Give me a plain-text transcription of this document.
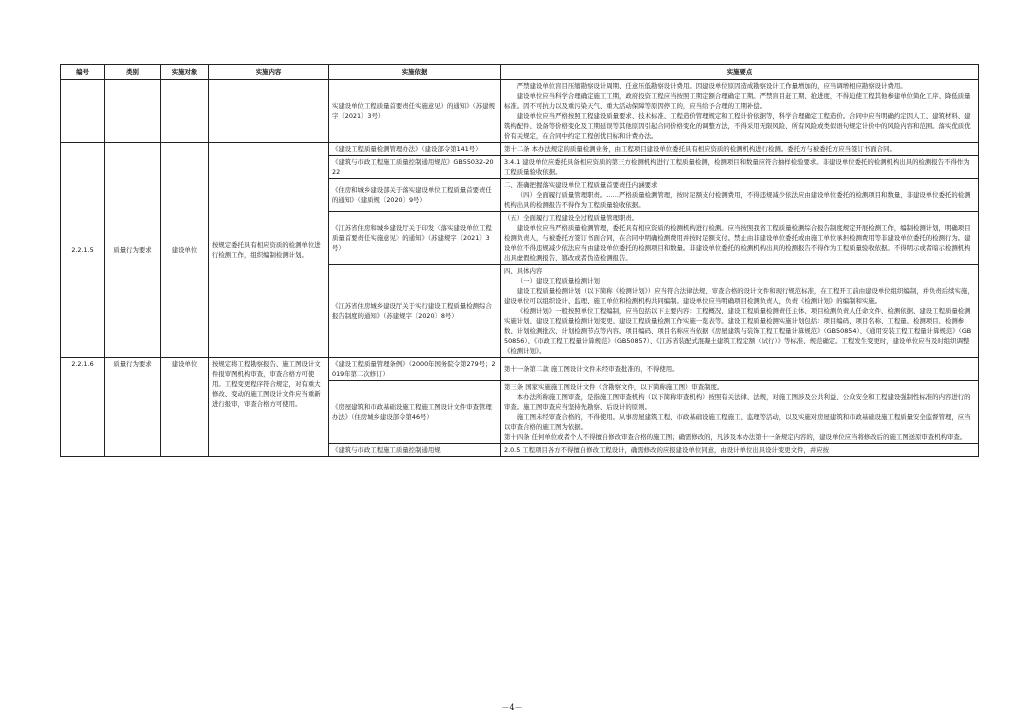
编号	类别	实施对象	实施内容	实施依据	实施要点
				实建设单位工程质量首要责任实施意见）的通知》（苏建规字〔2021〕3号）	严禁建设单位盲目压缩勘察设计周期、任意压低勘察设计费用。因建设单位原因造成勘察设计工作量增加的，应当调增相应勘察设计费用。

建设单位应当科学合理确定施工工期，政府投资工程应当按照工期定额合理确定工期。严禁盲目赶工期、抢进度，不得迫使工程其他参建单位简化工序、降低质量标准。因不可抗力以及重污染天气、重大活动保障等原因停工的，应当给予合理的工期补偿。

建设单位应当严格按照工程建设质量要求、技术标准、工程造价管理规定和工程计价依据等，科学合理确定工程造价。合同中应当明确约定因人工、建筑材料、建筑构配件、设备等价格变化及工期延误等其他原因引起合同价格变化的调整方法，不得采用无限风险、所有风险或类似语句规定计价中的风险内容和范围。落实优质优价有关规定，在合同中约定工程创优目标和计费办法。

2.2.1.5	质量行为要求	建设单位	按规定委托具有相应资质的检测单位进行检测工作，组织编制检测计划。	《建设工程质量检测管理办法》（建设部令第141号）	第十二条 本办法规定的质量检测业务，由工程项目建设单位委托具有相应资质的检测机构进行检测。委托方与被委托方应当签订书面合同。

				《建筑与市政工程施工质量控制通用规范》GB55032-2022	3.4.1 建设单位应委托具备相应资质的第三方检测机构进行工程质量检测，检测项目和数量应符合抽样检验要求。非建设单位委托的检测机构出具的检测报告不得作为工程质量验收依据。

				《住房和城乡建设部关于落实建设单位工程质量首要责任的通知》（建质规〔2020〕9号）	二、准确把握落实建设单位工程质量首要责任内涵要求

（四）全面履行质量管理职责。……严格质量检测管理，按时足额支付检测费用，不得违规减少依法应由建设单位委托的检测项目和数量，非建设单位委托的检测机构出具的检测报告不得作为工程质量验收依据。

				《江苏省住房和城乡建设厅关于印发〈落实建设单位工程质量首要责任实施意见〉的通知》（苏建规字〔2021〕3号）	（五）全面履行工程建设全过程质量管理职责。

建设单位应当严格质量检测管理，委托具有相应资质的检测机构进行检测。应当按照我省工程质量检测综合报告制度规定开展检测工作，编制检测计划，明确项目检测负责人，与被委托方签订书面合同，在合同中明确检测费用并按时足额支付。禁止由非建设单位委托或由施工单位承担检测费用等非建设单位委托的检测行为。建设单位不得违规减少依法应当由建设单位委托的检测项目和数量。非建设单位委托的检测机构出具的检测报告不得作为工程质量验收依据。不得明示或者暗示检测机构出具虚假检测报告，篡改或者伪造检测报告。

				《江苏省住房城乡建设厅关于实行建设工程质量检测综合报告制度的通知》（苏建规字〔2020〕8号）	四、具体内容

（一）建设工程质量检测计划

建设工程质量检测计划（以下简称《检测计划》）应当符合法律法规、审查合格的设计文件和现行规范标准，在工程开工前由建设单位组织编制，并负责后续实施，建设单位可以组织设计、监理、施工单位和检测机构共同编制。建设单位应当明确项目检测负责人，负责《检测计划》的编制和实施。

《检测计划》一般按照单位工程编制，应当包括以下主要内容：工程概况、建设工程质量检测责任主体、项目检测负责人任命文件、检测依据、建设工程质量检测实施计划、建设工程质量检测计划变更、建设工程质量检测工作实施一览表等。建设工程质量检测实施计划包括：项目编码、项目名称、工程量、检测项目、检测参数、计划检测批次、计划检测节点等内容。项目编码、项目名称应当依据《房屋建筑与装饰工程工程量计算规范》（GB50854）、《通用安装工程工程量计算规范》（GB50856）、《市政工程工程量计算规范》（GB50857）、《江苏省装配式混凝土建筑工程定额（试行）》等标准、规范确定。工程发生变更时，建设单位应当及时组织调整《检测计划》。

2.2.1.6	质量行为要求	建设单位	按规定将工程勘察报告、施工图设计文件报审图机构审查，审查合格方可使用。工程变更程序符合规定，对有重大修改、变动的施工图设计文件应当重新进行报审，审查合格方可使用。	《建设工程质量管理条例》（2000年国务院令第279号；2019年第二次修订）	第十一条第二款 施工图设计文件未经审查批准的，不得使用。

				《房屋建筑和市政基础设施工程施工图设计文件审查管理办法》（住房城乡建设部令第46号）	第三条 国家实施施工图设计文件（含勘察文件，以下简称施工图）审查制度。

本办法所称施工图审查，是指施工图审查机构（以下简称审查机构）按照有关法律、法规，对施工图涉及公共利益、公众安全和工程建设强制性标准的内容进行的审查。施工图审查应当坚持先勘察、后设计的原则。

施工图未经审查合格的，不得使用。从事房屋建筑工程、市政基础设施工程施工、监理等活动，以及实施对房屋建筑和市政基础设施工程质量安全监督管理，应当以审查合格的施工图为依据。

第十四条 任何单位或者个人不得擅自修改审查合格的施工图；确需修改的，凡涉及本办法第十一条规定内容的，建设单位应当将修改后的施工图送原审查机构审查。

				《建筑与市政工程施工质量控制通用规	2.0.5 工程项目各方不得擅自修改工程设计，确需修改的应报建设单位同意，由设计单位出具设计变更文件，并应按

－4－
